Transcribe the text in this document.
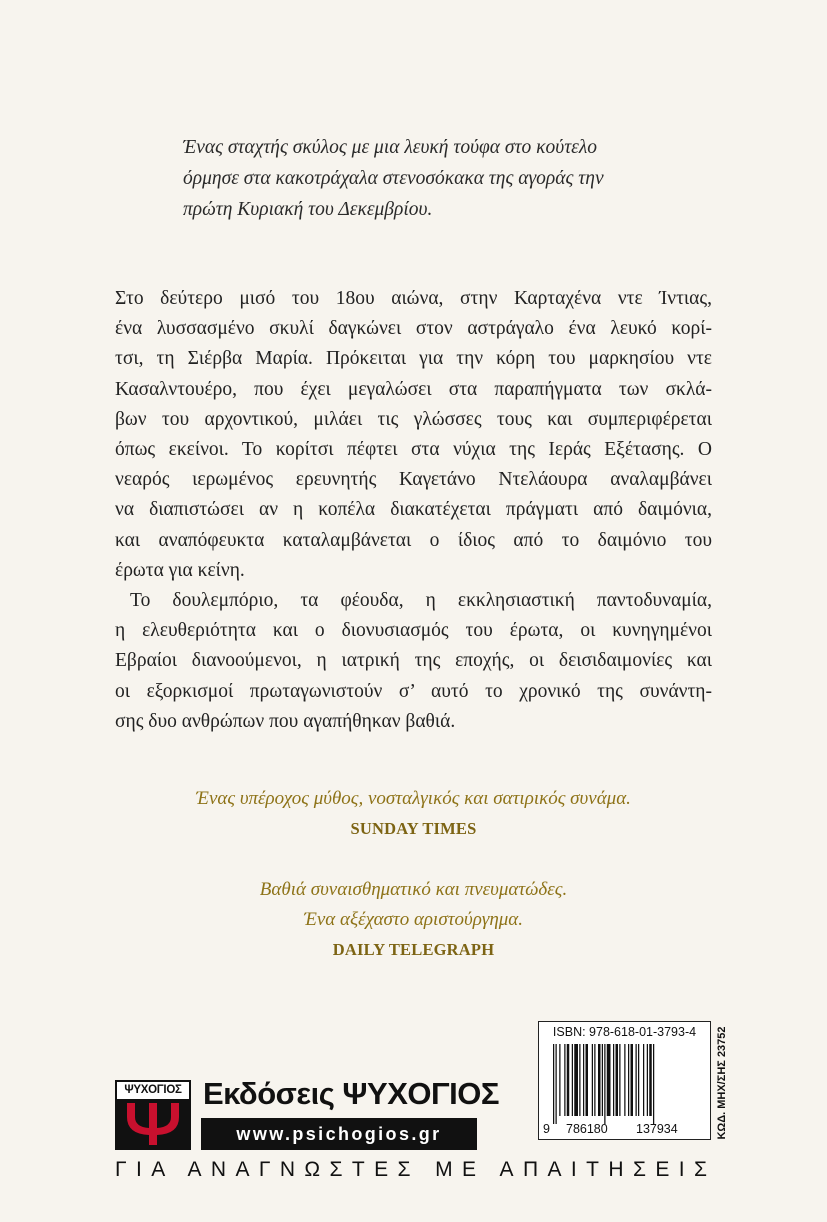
Ένας σταχτής σκύλος με μια λευκή τούφα στο κούτελο
όρμησε στα κακοτράχαλα στενοσόκακα της αγοράς την
πρώτη Κυριακή του Δεκεμβρίου.
Στο δεύτερο μισό του 18ου αιώνα, στην Καρταχένα ντε Ίντιας,
ένα λυσσασμένο σκυλί δαγκώνει στον αστράγαλο ένα λευκό κορί-
τσι, τη Σιέρβα Μαρία. Πρόκειται για την κόρη του μαρκησίου ντε
Κασαλντουέρο, που έχει μεγαλώσει στα παραπήγματα των σκλά-
βων του αρχοντικού, μιλάει τις γλώσσες τους και συμπεριφέρεται
όπως εκείνοι. Το κορίτσι πέφτει στα νύχια της Ιεράς Εξέτασης. Ο
νεαρός ιερωμένος ερευνητής Καγετάνο Ντελάουρα αναλαμβάνει
να διαπιστώσει αν η κοπέλα διακατέχεται πράγματι από δαιμόνια,
και αναπόφευκτα καταλαμβάνεται ο ίδιος από το δαιμόνιο του
έρωτα για κείνη.
Το δουλεμπόριο, τα φέουδα, η εκκλησιαστική παντοδυναμία,
η ελευθεριότητα και ο διονυσιασμός του έρωτα, οι κυνηγημένοι
Εβραίοι διανοούμενοι, η ιατρική της εποχής, οι δεισιδαιμονίες και
οι εξορκισμοί πρωταγωνιστούν σ’ αυτό το χρονικό της συνάντη-
σης δυο ανθρώπων που αγαπήθηκαν βαθιά.
Ένας υπέροχος μύθος, νοσταλγικός και σατιρικός συνάμα.
SUNDAY TIMES
Βαθιά συναισθηματικό και πνευματώδες.
Ένα αξέχαστο αριστούργημα.
DAILY TELEGRAPH
ΨΥΧΟΓΙΟΣ Εκδόσεις ΨΥΧΟΓΙΟΣ
www.psichogios.gr
ΓΙΑ ΑΝΑΓΝΩΣΤΕΣ ΜΕ ΑΠΑΙΤΗΣΕΙΣ
ISBN: 978-618-01-3793-4
9 786180 137934	ΚΩΔ. ΜΗΧ/ΣΗΣ 23752
